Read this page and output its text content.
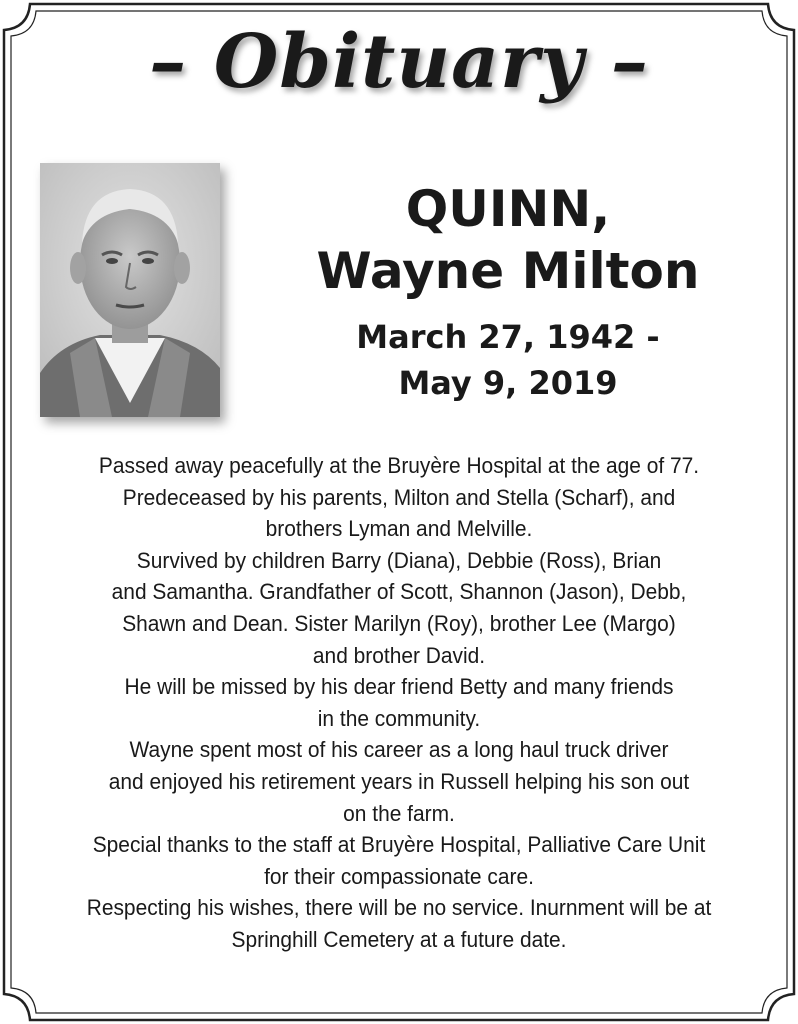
– Obituary –
QUINN,
Wayne Milton
March 27, 1942 -
May 9, 2019
Passed away peacefully at the Bruyère Hospital at the age of 77.
Predeceased by his parents, Milton and Stella (Scharf), and
brothers Lyman and Melville.
Survived by children Barry (Diana), Debbie (Ross), Brian
and Samantha. Grandfather of Scott, Shannon (Jason), Debb,
Shawn and Dean. Sister Marilyn (Roy), brother Lee (Margo)
and brother David.
He will be missed by his dear friend Betty and many friends
in the community.
Wayne spent most of his career as a long haul truck driver
and enjoyed his retirement years in Russell helping his son out
on the farm.
Special thanks to the staff at Bruyère Hospital, Palliative Care Unit
for their compassionate care.
Respecting his wishes, there will be no service. Inurnment will be at
Springhill Cemetery at a future date.
